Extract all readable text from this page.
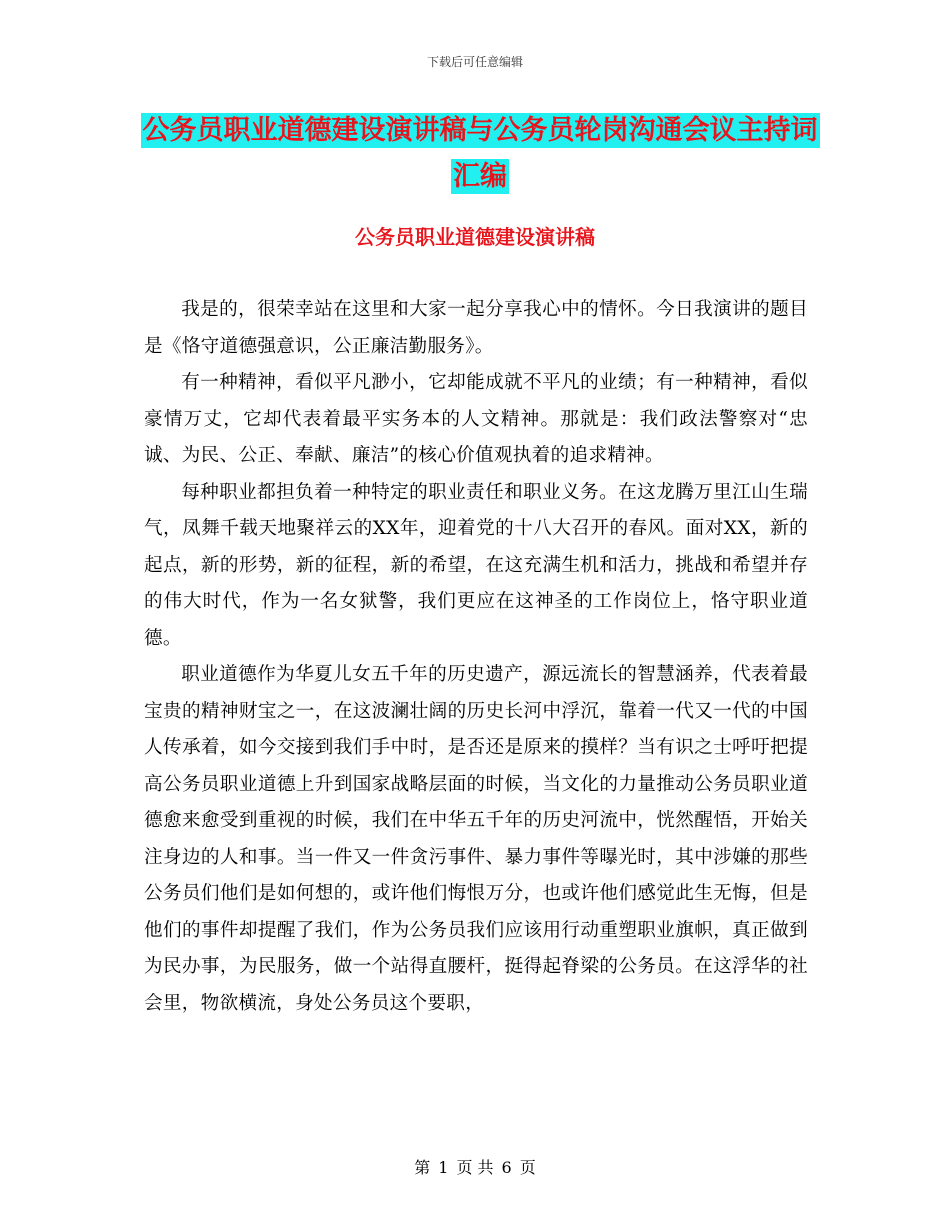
下载后可任意编辑
公务员职业道德建设演讲稿与公务员轮岗沟通会议主持词汇编
公务员职业道德建设演讲稿

我是的，很荣幸站在这里和大家一起分享我心中的情怀。今日我演讲的题目是《恪守道德强意识，公正廉洁勤服务》。

有一种精神，看似平凡渺小，它却能成就不平凡的业绩；有一种精神，看似豪情万丈，它却代表着最平实务本的人文精神。那就是：我们政法警察对“忠诚、为民、公正、奉献、廉洁”的核心价值观执着的追求精神。

每种职业都担负着一种特定的职业责任和职业义务。在这龙腾万里江山生瑞气，凤舞千载天地聚祥云的XX年，迎着党的十八大召开的春风。面对XX，新的起点，新的形势，新的征程，新的希望，在这充满生机和活力，挑战和希望并存的伟大时代，作为一名女狱警，我们更应在这神圣的工作岗位上，恪守职业道德。

职业道德作为华夏儿女五千年的历史遗产，源远流长的智慧涵养，代表着最宝贵的精神财宝之一，在这波澜壮阔的历史长河中浮沉，靠着一代又一代的中国人传承着，如今交接到我们手中时，是否还是原来的摸样？当有识之士呼吁把提高公务员职业道德上升到国家战略层面的时候，当文化的力量推动公务员职业道德愈来愈受到重视的时候，我们在中华五千年的历史河流中，恍然醒悟，开始关注身边的人和事。当一件又一件贪污事件、暴力事件等曝光时，其中涉嫌的那些公务员们他们是如何想的，或许他们悔恨万分，也或许他们感觉此生无悔，但是他们的事件却提醒了我们，作为公务员我们应该用行动重塑职业旗帜，真正做到为民办事，为民服务，做一个站得直腰杆，挺得起脊梁的公务员。在这浮华的社会里，物欲横流，身处公务员这个要职，

第 1 页 共 6 页
